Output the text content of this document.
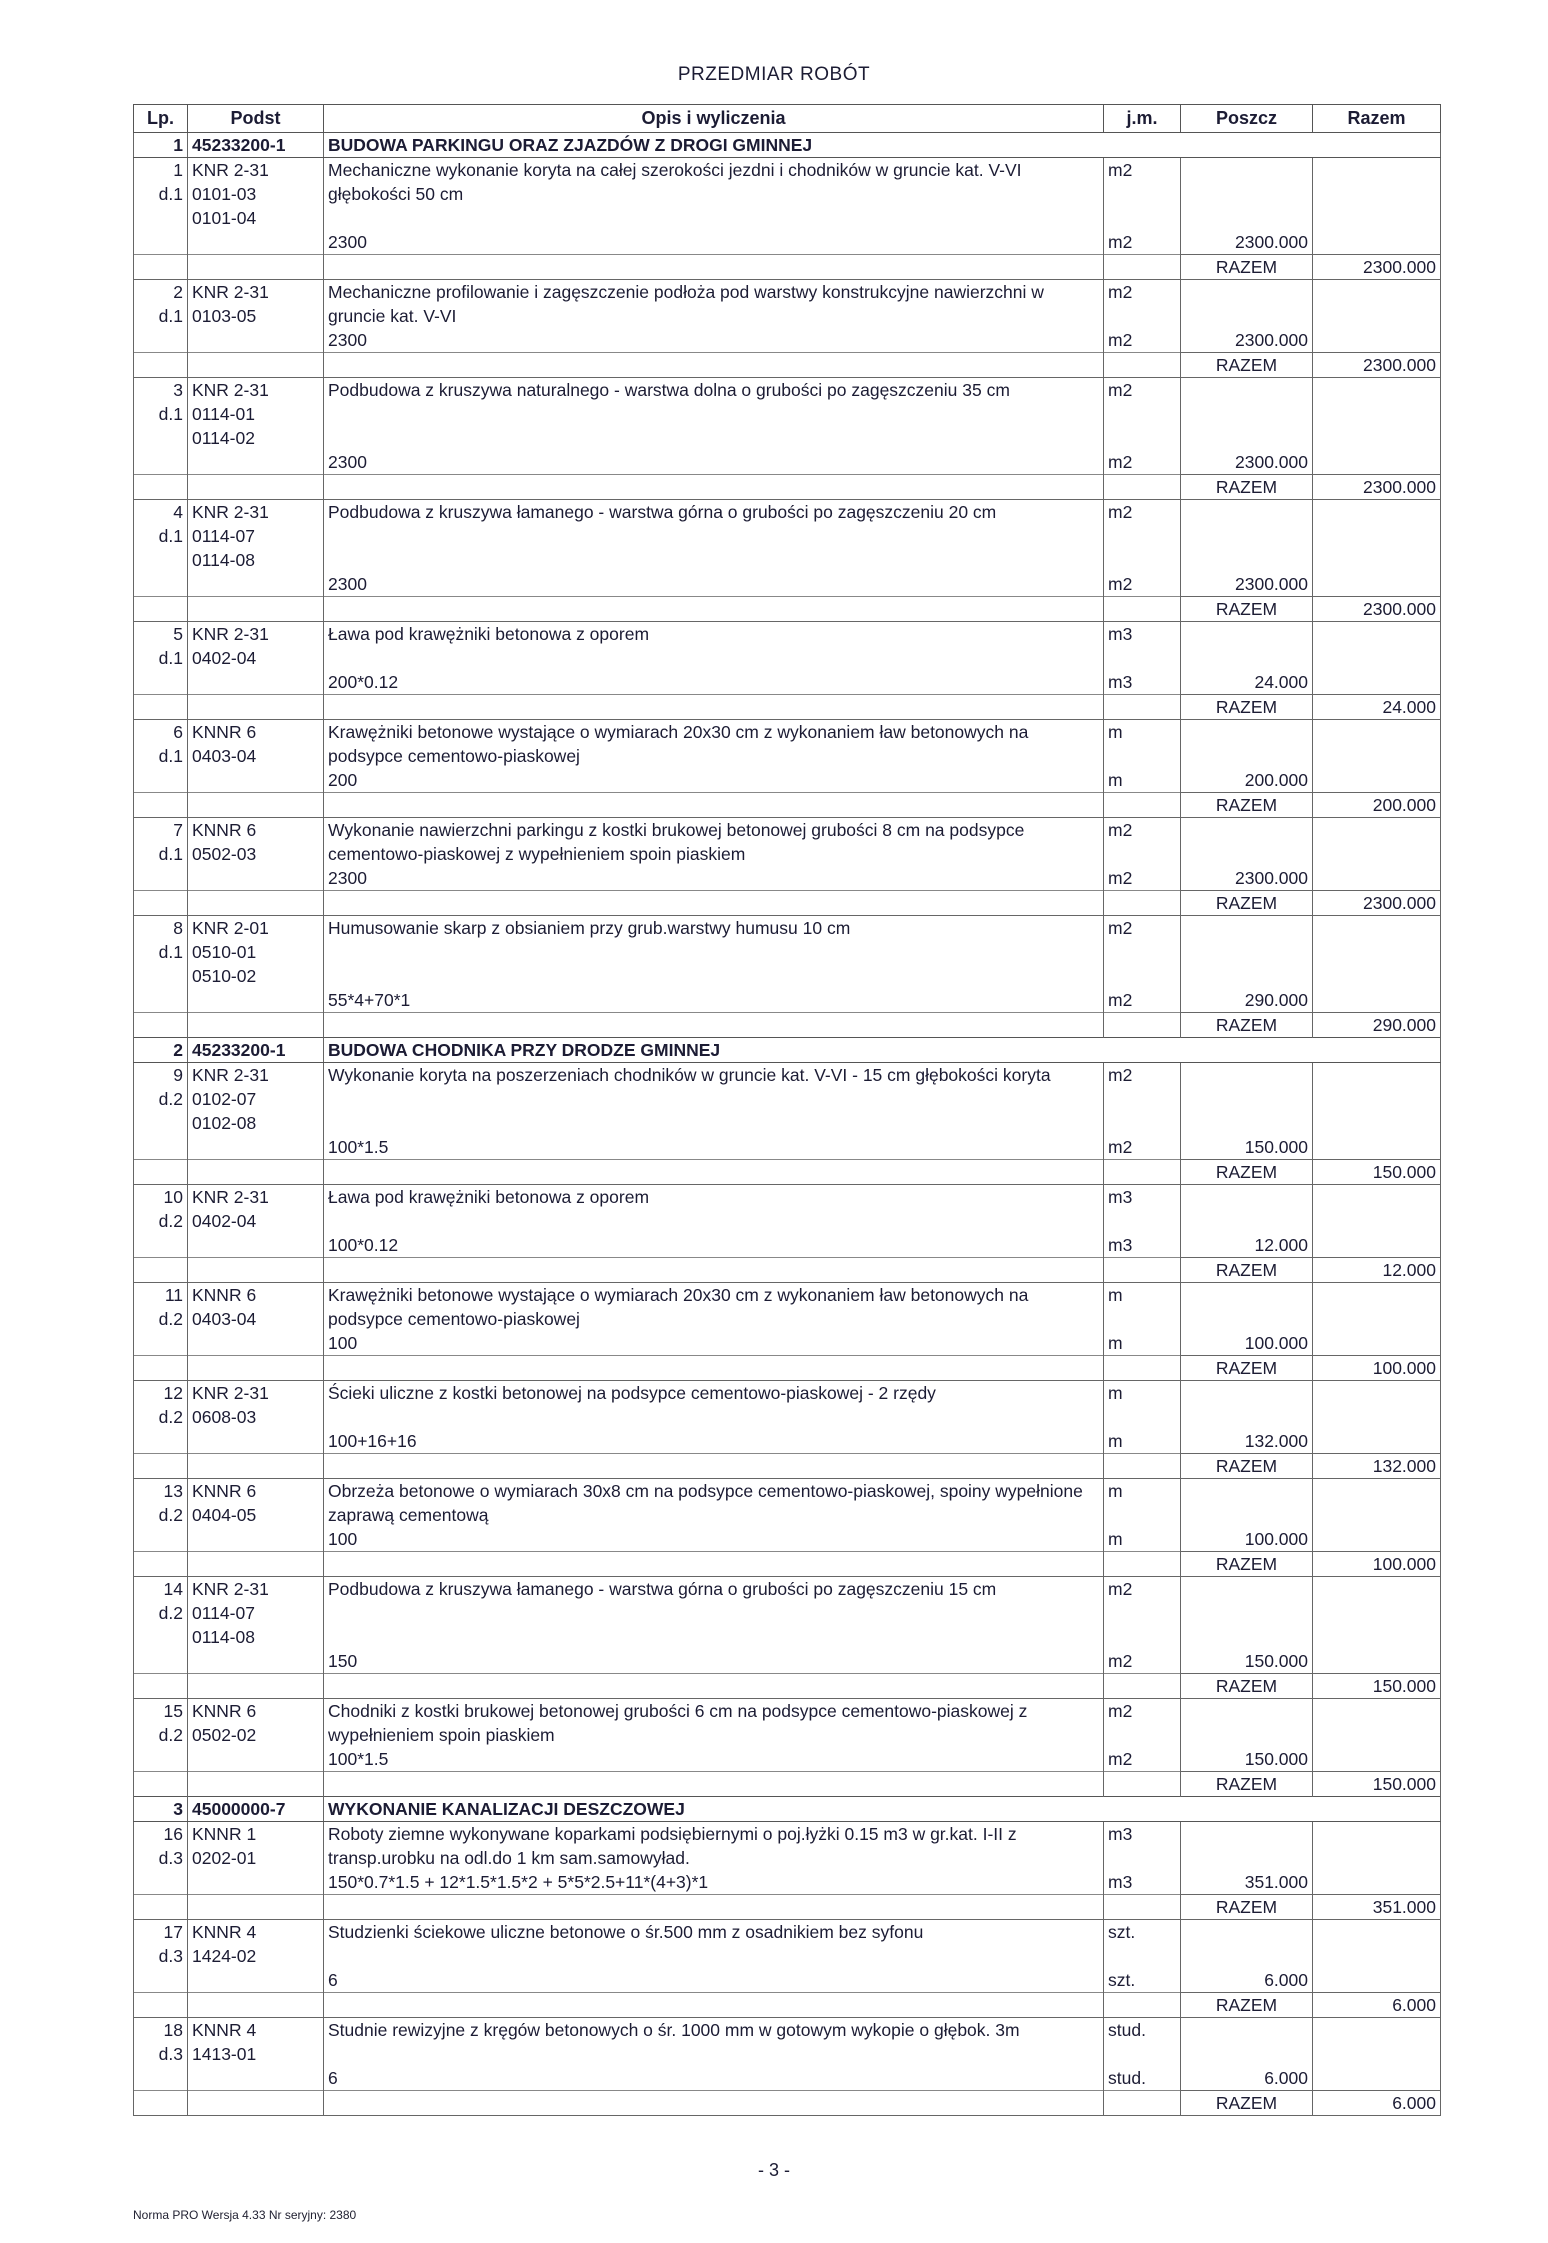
PRZEDMIAR ROBÓT
Lp.	Podst	Opis i wyliczenia	j.m.	Poszcz	Razem
1	45233200-1	BUDOWA PARKINGU ORAZ ZJAZDÓW Z DROGI GMINNEJ			
1	KNR 2-31	Mechaniczne wykonanie koryta na całej szerokości jezdni i chodników w gruncie kat. V-VI głębokości 50 cm	m2		
d.1	0101-03				
	0101-04				
		2300	m2	2300.000	
				RAZEM	2300.000
2	KNR 2-31	Mechaniczne profilowanie i zagęszczenie podłoża pod warstwy konstrukcyjne nawierzchni w gruncie kat. V-VI	m2		
d.1	0103-05				
		2300	m2	2300.000	
				RAZEM	2300.000
3	KNR 2-31	Podbudowa z kruszywa naturalnego - warstwa dolna o grubości po zagęszczeniu 35 cm	m2		
d.1	0114-01				
	0114-02				
		2300	m2	2300.000	
				RAZEM	2300.000
4	KNR 2-31	Podbudowa z kruszywa łamanego - warstwa górna o grubości po zagęszczeniu 20 cm	m2		
d.1	0114-07				
	0114-08				
		2300	m2	2300.000	
				RAZEM	2300.000
5	KNR 2-31	Ława pod krawężniki betonowa z oporem	m3		
d.1	0402-04				
		200*0.12	m3	24.000	
				RAZEM	24.000
6	KNNR 6	Krawężniki betonowe wystające o wymiarach 20x30 cm z wykonaniem ław betonowych na podsypce cementowo-piaskowej	m		
d.1	0403-04				
		200	m	200.000	
				RAZEM	200.000
7	KNNR 6	Wykonanie nawierzchni parkingu z kostki brukowej betonowej grubości 8 cm na podsypce cementowo-piaskowej z wypełnieniem spoin piaskiem	m2		
d.1	0502-03				
		2300	m2	2300.000	
				RAZEM	2300.000
8	KNR 2-01	Humusowanie skarp z obsianiem przy grub.warstwy humusu 10 cm	m2		
d.1	0510-01				
	0510-02				
		55*4+70*1	m2	290.000	
				RAZEM	290.000
2	45233200-1	BUDOWA CHODNIKA PRZY DRODZE GMINNEJ			
9	KNR 2-31	Wykonanie koryta na poszerzeniach chodników w gruncie kat. V-VI - 15 cm głębokości koryta	m2		
d.2	0102-07				
	0102-08				
		100*1.5	m2	150.000	
				RAZEM	150.000
10	KNR 2-31	Ława pod krawężniki betonowa z oporem	m3		
d.2	0402-04				
		100*0.12	m3	12.000	
				RAZEM	12.000
11	KNNR 6	Krawężniki betonowe wystające o wymiarach 20x30 cm z wykonaniem ław betonowych na podsypce cementowo-piaskowej	m		
d.2	0403-04				
		100	m	100.000	
				RAZEM	100.000
12	KNR 2-31	Ścieki uliczne z kostki betonowej na podsypce cementowo-piaskowej - 2 rzędy	m		
d.2	0608-03				
		100+16+16	m	132.000	
				RAZEM	132.000
13	KNNR 6	Obrzeża betonowe o wymiarach 30x8 cm na podsypce cementowo-piaskowej, spoiny wypełnione zaprawą cementową	m		
d.2	0404-05				
		100	m	100.000	
				RAZEM	100.000
14	KNR 2-31	Podbudowa z kruszywa łamanego - warstwa górna o grubości po zagęszczeniu 15 cm	m2		
d.2	0114-07				
	0114-08				
		150	m2	150.000	
				RAZEM	150.000
15	KNNR 6	Chodniki z kostki brukowej betonowej grubości 6 cm na podsypce cementowo-piaskowej z wypełnieniem spoin piaskiem	m2		
d.2	0502-02				
		100*1.5	m2	150.000	
				RAZEM	150.000
3	45000000-7	WYKONANIE KANALIZACJI DESZCZOWEJ			
16	KNNR 1	Roboty ziemne wykonywane koparkami podsiębiernymi o poj.łyżki 0.15 m3 w gr.kat. I-II z transp.urobku na odl.do 1 km sam.samowyład.	m3		
d.3	0202-01				
		150*0.7*1.5 + 12*1.5*1.5*2 + 5*5*2.5+11*(4+3)*1	m3	351.000	
				RAZEM	351.000
17	KNNR 4	Studzienki ściekowe uliczne betonowe o śr.500 mm z osadnikiem bez syfonu	szt.		
d.3	1424-02				
		6	szt.	6.000	
				RAZEM	6.000
18	KNNR 4	Studnie rewizyjne z kręgów betonowych o śr. 1000 mm w gotowym wykopie o głębok. 3m	stud.		
d.3	1413-01				
		6	stud.	6.000	
				RAZEM	6.000
- 3 -
Norma PRO Wersja 4.33 Nr seryjny: 2380
